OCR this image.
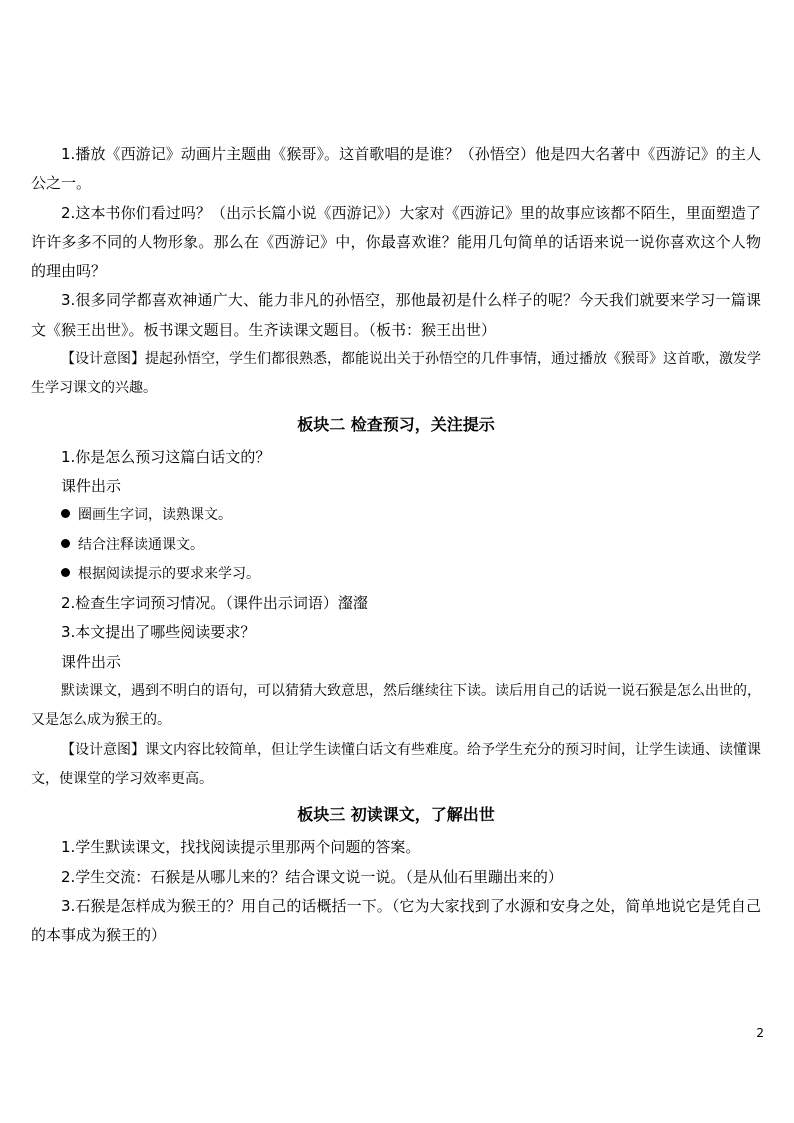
1.播放《西游记》动画片主题曲《猴哥》。这首歌唱的是谁？（孙悟空）他是四大名著中《西游记》的主人公之一。

2.这本书你们看过吗？（出示长篇小说《西游记》）大家对《西游记》里的故事应该都不陌生，里面塑造了许许多多不同的人物形象。那么在《西游记》中，你最喜欢谁？能用几句简单的话语来说一说你喜欢这个人物的理由吗？

3.很多同学都喜欢神通广大、能力非凡的孙悟空，那他最初是什么样子的呢？今天我们就要来学习一篇课文《猴王出世》。板书课文题目。生齐读课文题目。（板书：猴王出世）

【设计意图】提起孙悟空，学生们都很熟悉，都能说出关于孙悟空的几件事情，通过播放《猴哥》这首歌，激发学生学习课文的兴趣。

板块二 检查预习，关注提示

1.你是怎么预习这篇白话文的？

课件出示

圈画生字词，读熟课文。

结合注释读通课文。

根据阅读提示的要求来学习。

2.检查生字词预习情况。（课件出示词语）瀣瀣

3.本文提出了哪些阅读要求？

课件出示

默读课文，遇到不明白的语句，可以猜猜大致意思，然后继续往下读。读后用自己的话说一说石猴是怎么出世的，又是怎么成为猴王的。

【设计意图】课文内容比较简单，但让学生读懂白话文有些难度。给予学生充分的预习时间，让学生读通、读懂课文，使课堂的学习效率更高。

板块三 初读课文，了解出世

1.学生默读课文，找找阅读提示里那两个问题的答案。

2.学生交流：石猴是从哪儿来的？结合课文说一说。（是从仙石里蹦出来的）

3.石猴是怎样成为猴王的？用自己的话概括一下。（它为大家找到了水源和安身之处，简单地说它是凭自己的本事成为猴王的）

2
